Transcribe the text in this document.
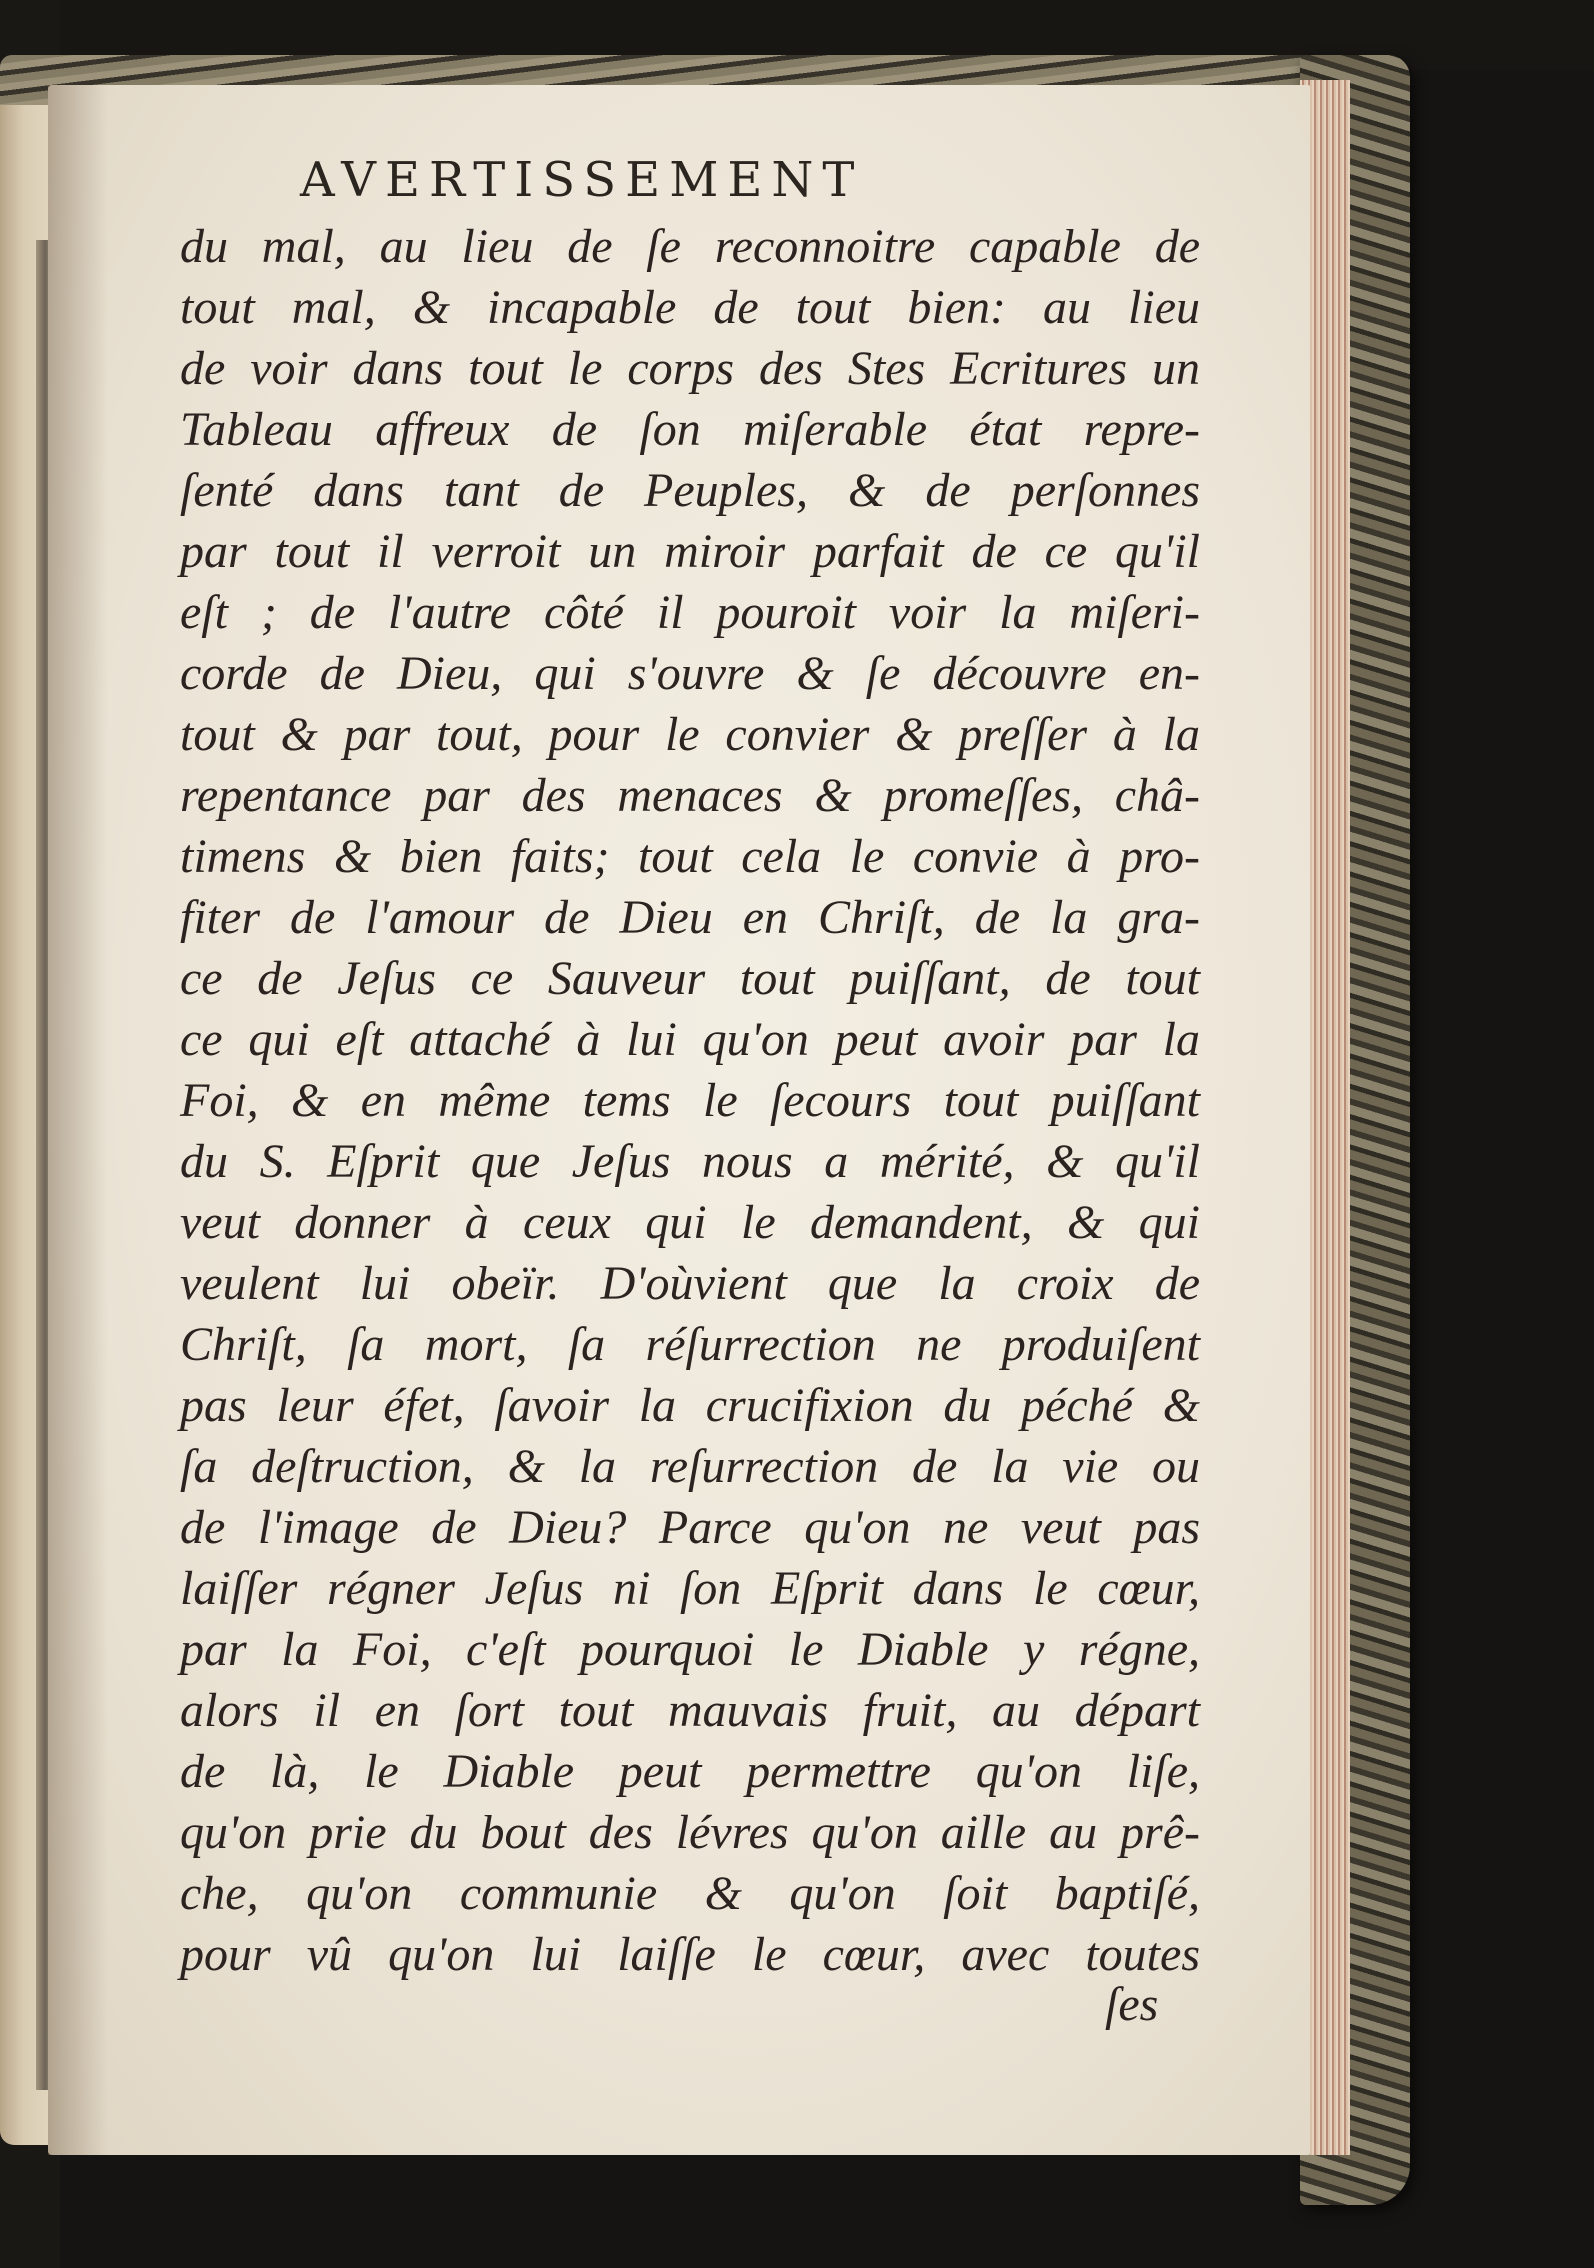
AVERTISSEMENT
du mal, au lieu de ſe reconnoitre capable de
tout mal, & incapable de tout bien: au lieu
de voir dans tout le corps des Stes Ecritures un
Tableau affreux de ſon miſerable état repre-
ſenté dans tant de Peuples, & de perſonnes
par tout il verroit un miroir parfait de ce qu'il
eſt ; de l'autre côté il pouroit voir la miſeri-
corde de Dieu, qui s'ouvre & ſe découvre en-
tout & par tout, pour le convier & preſſer à la
repentance par des menaces & promeſſes, châ-
timens & bien faits; tout cela le convie à pro-
fiter de l'amour de Dieu en Chriſt, de la gra-
ce de Jeſus ce Sauveur tout puiſſant, de tout
ce qui eſt attaché à lui qu'on peut avoir par la
Foi, & en même tems le ſecours tout puiſſant
du S. Eſprit que Jeſus nous a mérité, & qu'il
veut donner à ceux qui le demandent, & qui
veulent lui obeïr. D'oùvient que la croix de
Chriſt, ſa mort, ſa réſurrection ne produiſent
pas leur éfet, ſavoir la crucifixion du péché &
ſa deſtruction, & la reſurrection de la vie ou
de l'image de Dieu? Parce qu'on ne veut pas
laiſſer régner Jeſus ni ſon Eſprit dans le cœur,
par la Foi, c'eſt pourquoi le Diable y régne,
alors il en ſort tout mauvais fruit, au départ
de là, le Diable peut permettre qu'on liſe,
qu'on prie du bout des lévres qu'on aille au prê-
che, qu'on communie & qu'on ſoit baptiſé,
pour vû qu'on lui laiſſe le cœur, avec toutes
ſes
